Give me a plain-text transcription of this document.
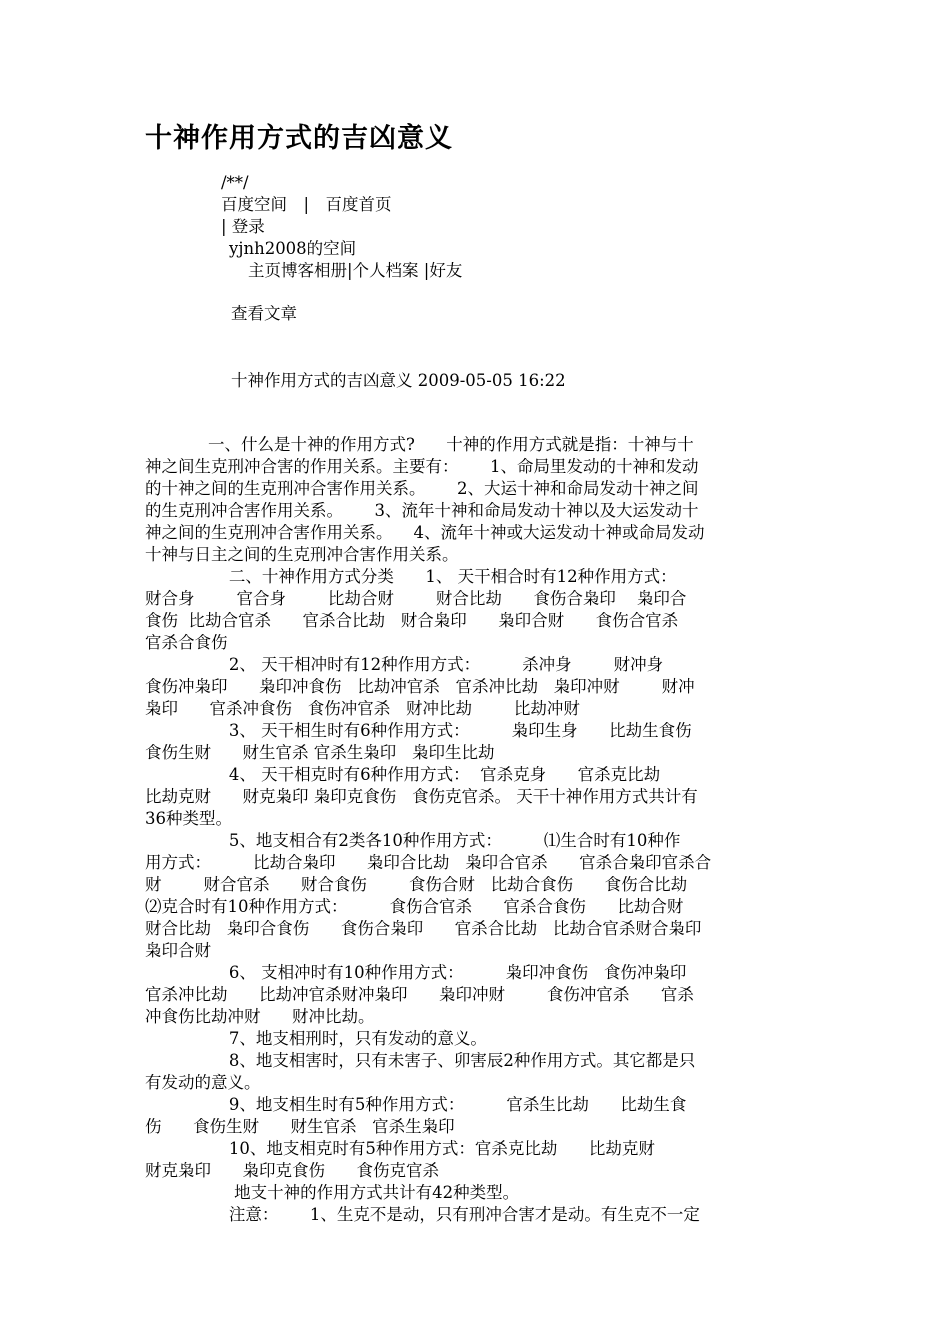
十神作用方式的吉凶意义
/**/
百度空间　|　百度首页
| 登录
yjnh2008的空间
主页博客相册|个人档案 |好友
查看文章
十神作用方式的吉凶意义 2009-05-05 16:22
一、什么是十神的作用方式?      十神的作用方式就是指：十神与十
神之间生克刑冲合害的作用关系。主要有：      1、命局里发动的十神和发动
的十神之间的生克刑冲合害作用关系。      2、大运十神和命局发动十神之间
的生克刑冲合害作用关系。      3、流年十神和命局发动十神以及大运发动十
神之间的生克刑冲合害作用关系。    4、流年十神或大运发动十神或命局发动
十神与日主之间的生克刑冲合害作用关系。
二、十神作用方式分类      1、 天干相合时有12种作用方式：
财合身        官合身        比劫合财        财合比劫      食伤合枭印    枭印合
食伤  比劫合官杀      官杀合比劫   财合枭印      枭印合财      食伤合官杀
官杀合食伤
2、 天干相冲时有12种作用方式：        杀冲身        财冲身
食伤冲枭印      枭印冲食伤   比劫冲官杀   官杀冲比劫   枭印冲财        财冲
枭印      官杀冲食伤   食伤冲官杀   财冲比劫        比劫冲财
3、 天干相生时有6种作用方式：        枭印生身      比劫生食伤
食伤生财      财生官杀 官杀生枭印   枭印生比劫
4、 天干相克时有6种作用方式：  官杀克身      官杀克比劫
比劫克财      财克枭印 枭印克食伤   食伤克官杀。 天干十神作用方式共计有
36种类型。
5、地支相合有2类各10种作用方式：        ⑴生合时有10种作
用方式：        比劫合枭印      枭印合比劫   枭印合官杀      官杀合枭印官杀合
财        财合官杀      财合食伤        食伤合财   比劫合食伤      食伤合比劫
⑵克合时有10种作用方式：        食伤合官杀      官杀合食伤      比劫合财
财合比劫   枭印合食伤      食伤合枭印      官杀合比劫   比劫合官杀财合枭印
枭印合财
6、 支相冲时有10种作用方式：        枭印冲食伤   食伤冲枭印
官杀冲比劫      比劫冲官杀财冲枭印      枭印冲财        食伤冲官杀      官杀
冲食伤比劫冲财      财冲比劫。
7、地支相刑时，只有发动的意义。
8、地支相害时，只有未害子、卯害辰2种作用方式。其它都是只
有发动的意义。
9、地支相生时有5种作用方式：        官杀生比劫      比劫生食
伤      食伤生财      财生官杀   官杀生枭印
10、地支相克时有5种作用方式：官杀克比劫      比劫克财
财克枭印      枭印克食伤      食伤克官杀
地支十神的作用方式共计有42种类型。
注意：      1、生克不是动，只有刑冲合害才是动。有生克不一定
